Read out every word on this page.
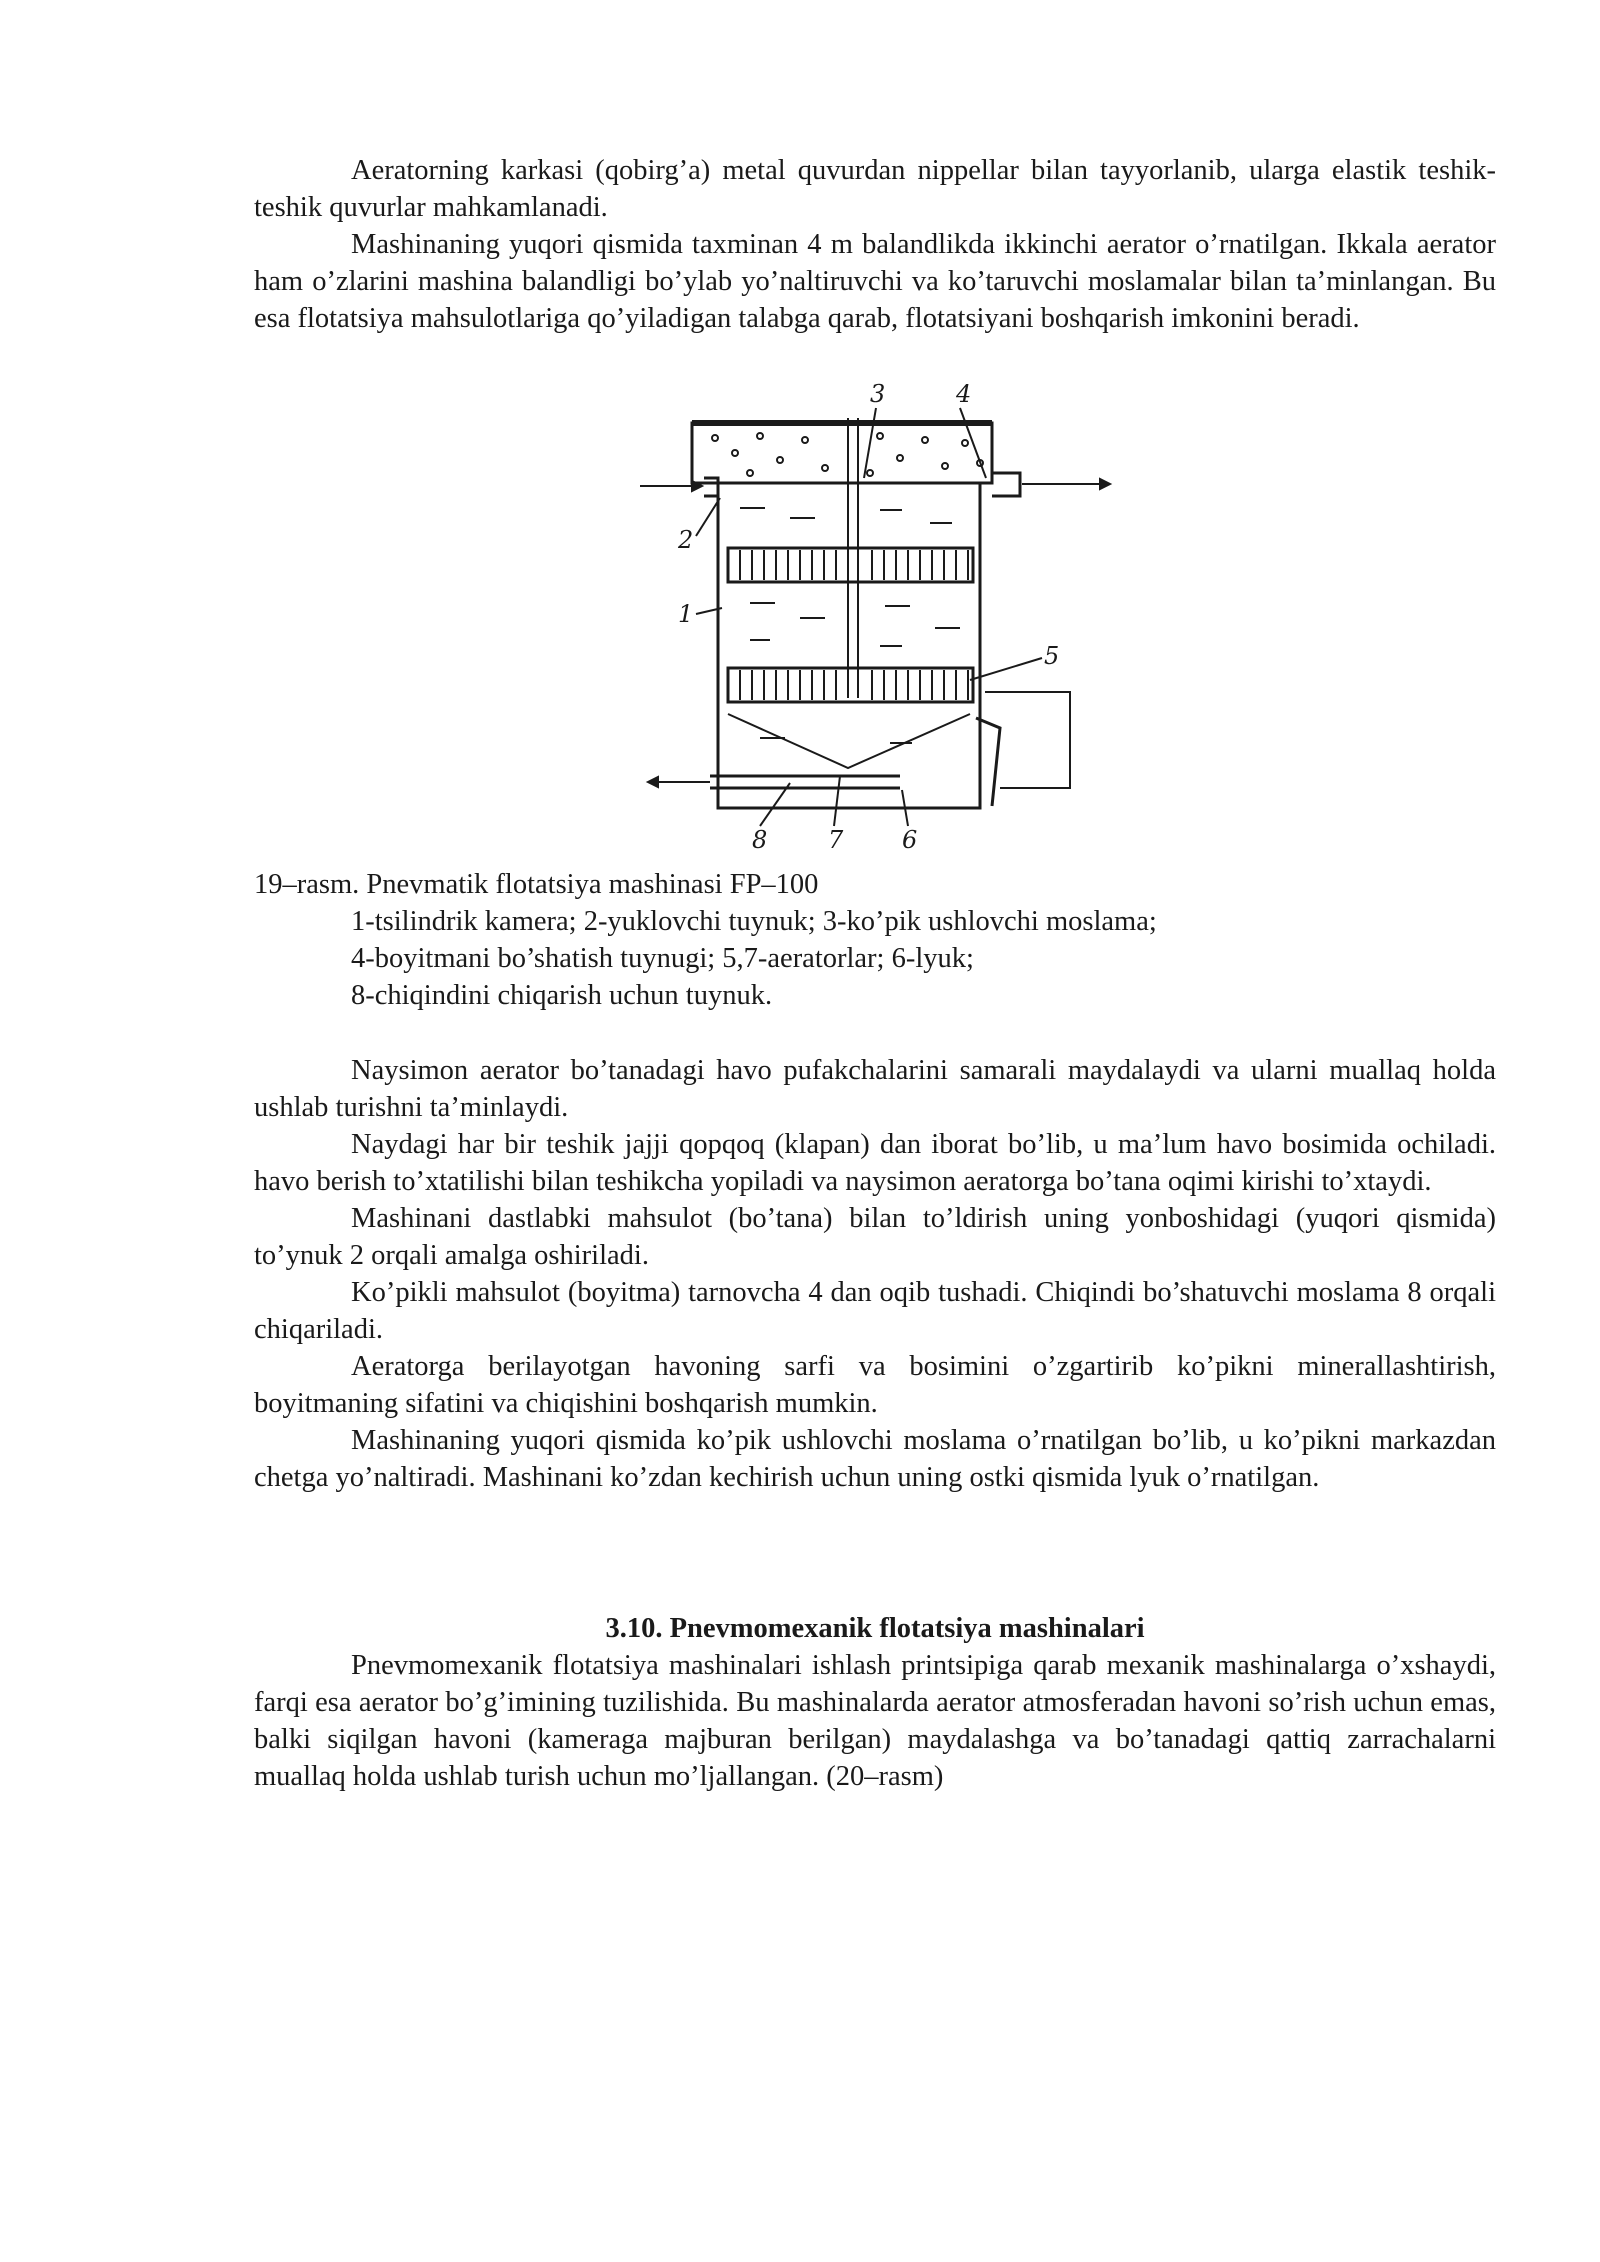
Aeratorning karkasi (qobirg’a) metal quvurdan nippellar bilan tayyorlanib, ularga elastik teshik-teshik quvurlar mahkamlanadi.

Mashinaning yuqori qismida taxminan 4 m balandlikda ikkinchi aerator o’rnatilgan. Ikkala aerator ham o’zlarini mashina balandligi bo’ylab yo’naltiruvchi va ko’taruvchi moslamalar bilan ta’minlangan. Bu esa flotatsiya mahsulotlariga qo’yiladigan talabga qarab, flotatsiyani boshqarish imkonini beradi.

3	4
2
1
5
6
7
8

19–rasm. Pnevmatik flotatsiya mashinasi FP–100

1-tsilindrik kamera; 2-yuklovchi tuynuk; 3-ko’pik ushlovchi moslama;

4-boyitmani bo’shatish tuynugi; 5,7-aeratorlar; 6-lyuk;

8-chiqindini chiqarish uchun tuynuk.

Naysimon aerator bo’tanadagi havo pufakchalarini samarali maydalaydi va ularni muallaq holda ushlab turishni ta’minlaydi.

Naydagi har bir teshik jajji qopqoq (klapan) dan iborat bo’lib, u ma’lum havo bosimida ochiladi. havo berish to’xtatilishi bilan teshikcha yopiladi va naysimon aeratorga bo’tana oqimi kirishi to’xtaydi.

Mashinani dastlabki mahsulot (bo’tana) bilan to’ldirish uning yonboshidagi (yuqori qismida) to’ynuk 2 orqali amalga oshiriladi.

Ko’pikli mahsulot (boyitma) tarnovcha 4 dan oqib tushadi. Chiqindi bo’shatuvchi moslama 8 orqali chiqariladi.

Aeratorga berilayotgan havoning sarfi va bosimini o’zgartirib ko’pikni minerallashtirish, boyitmaning sifatini va chiqishini boshqarish mumkin.

Mashinaning yuqori qismida ko’pik ushlovchi moslama o’rnatilgan bo’lib, u ko’pikni markazdan chetga yo’naltiradi. Mashinani ko’zdan kechirish uchun uning ostki qismida lyuk o’rnatilgan.

3.10. Pnevmomexanik flotatsiya mashinalari

Pnevmomexanik flotatsiya mashinalari ishlash printsipiga qarab mexanik mashinalarga o’xshaydi, farqi esa aerator bo’g’imining tuzilishida. Bu mashinalarda aerator atmosferadan havoni so’rish uchun emas, balki siqilgan havoni (kameraga majburan berilgan) maydalashga va bo’tanadagi qattiq zarrachalarni muallaq holda ushlab turish uchun mo’ljallangan. (20–rasm)
